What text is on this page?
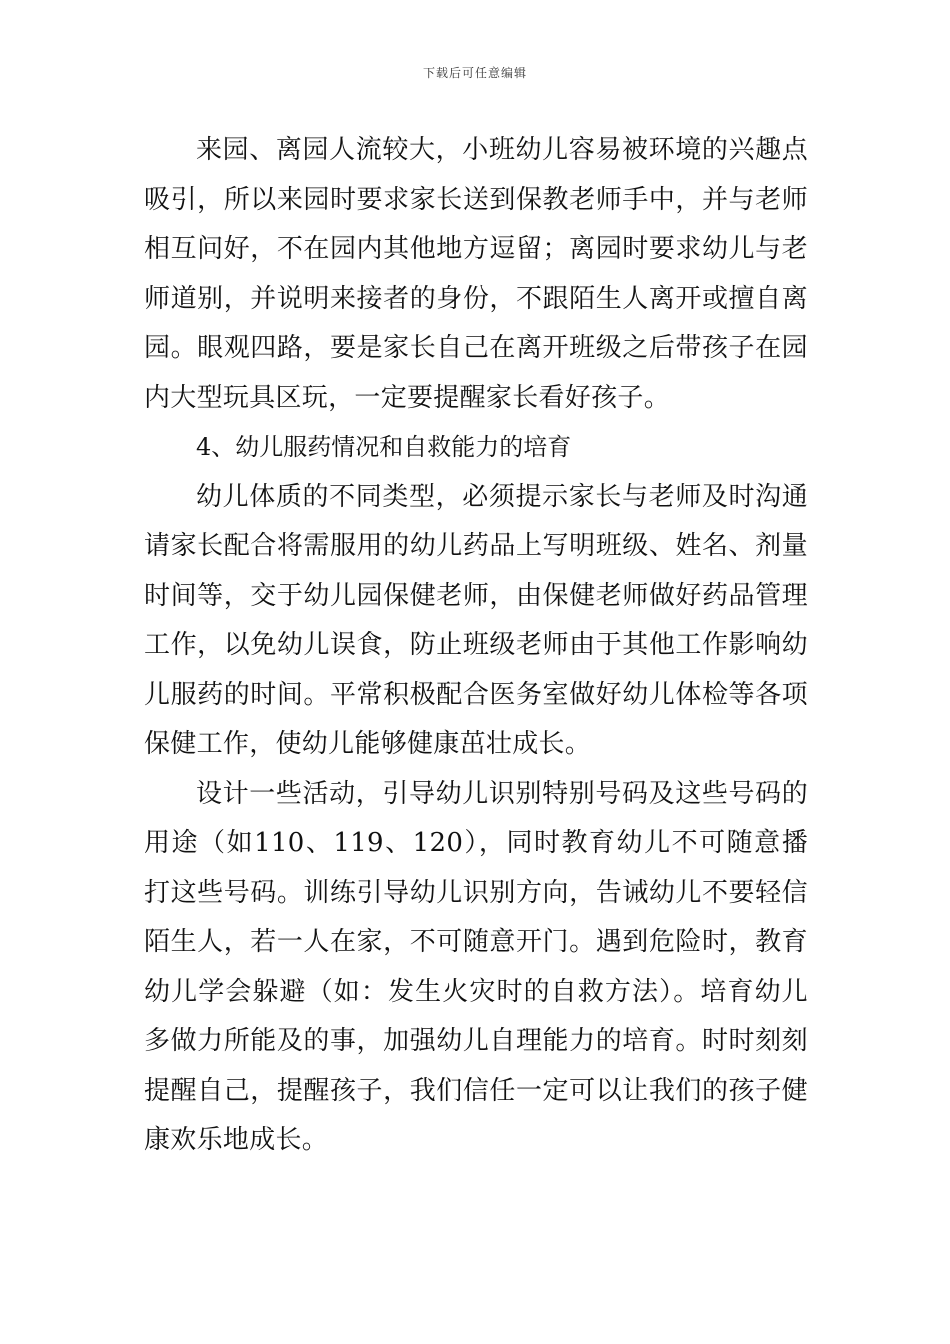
下载后可任意编辑

来园、离园人流较大，小班幼儿容易被环境的兴趣点吸引，所以来园时要求家长送到保教老师手中，并与老师相互问好，不在园内其他地方逗留；离园时要求幼儿与老师道别，并说明来接者的身份，不跟陌生人离开或擅自离园。眼观四路，要是家长自己在离开班级之后带孩子在园内大型玩具区玩，一定要提醒家长看好孩子。

4、幼儿服药情况和自救能力的培育

幼儿体质的不同类型，必须提示家长与老师及时沟通请家长配合将需服用的幼儿药品上写明班级、姓名、剂量时间等，交于幼儿园保健老师，由保健老师做好药品管理工作，以免幼儿误食，防止班级老师由于其他工作影响幼儿服药的时间。平常积极配合医务室做好幼儿体检等各项保健工作，使幼儿能够健康茁壮成长。

设计一些活动，引导幼儿识别特别号码及这些号码的用途（如110、119、120），同时教育幼儿不可随意播打这些号码。训练引导幼儿识别方向，告诫幼儿不要轻信陌生人，若一人在家，不可随意开门。遇到危险时，教育幼儿学会躲避（如：发生火灾时的自救方法）。培育幼儿多做力所能及的事，加强幼儿自理能力的培育。时时刻刻提醒自己，提醒孩子，我们信任一定可以让我们的孩子健康欢乐地成长。
